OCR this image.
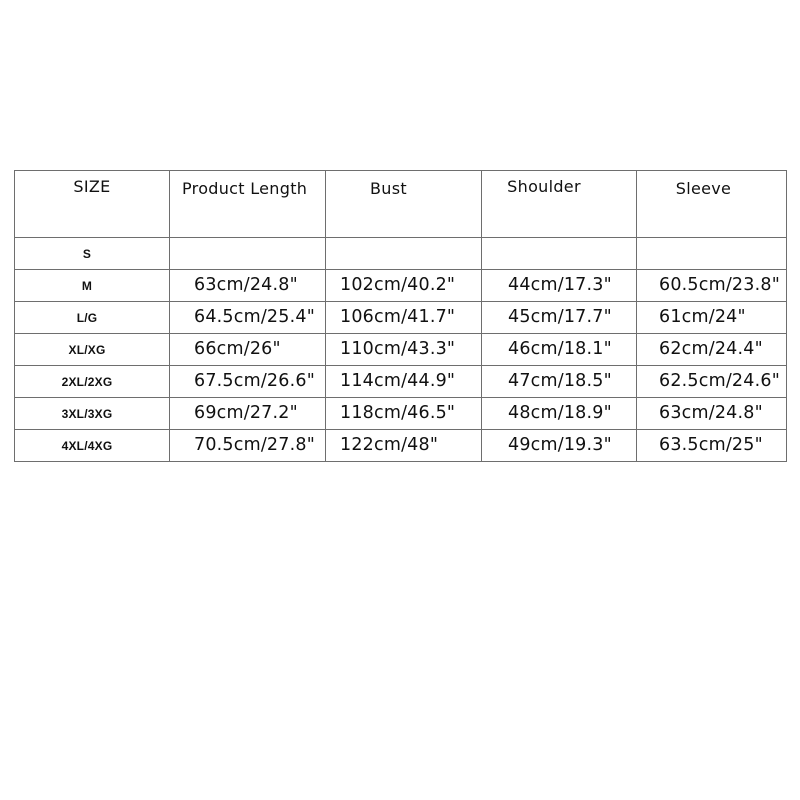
SIZE	Product Length	Bust	Shoulder	Sleeve
S				
M	63cm/24.8"	102cm/40.2"	44cm/17.3"	60.5cm/23.8"
L/G	64.5cm/25.4"	106cm/41.7"	45cm/17.7"	61cm/24"
XL/XG	66cm/26"	110cm/43.3"	46cm/18.1"	62cm/24.4"
2XL/2XG	67.5cm/26.6"	114cm/44.9"	47cm/18.5"	62.5cm/24.6"
3XL/3XG	69cm/27.2"	118cm/46.5"	48cm/18.9"	63cm/24.8"
4XL/4XG	70.5cm/27.8"	122cm/48"	49cm/19.3"	63.5cm/25"
